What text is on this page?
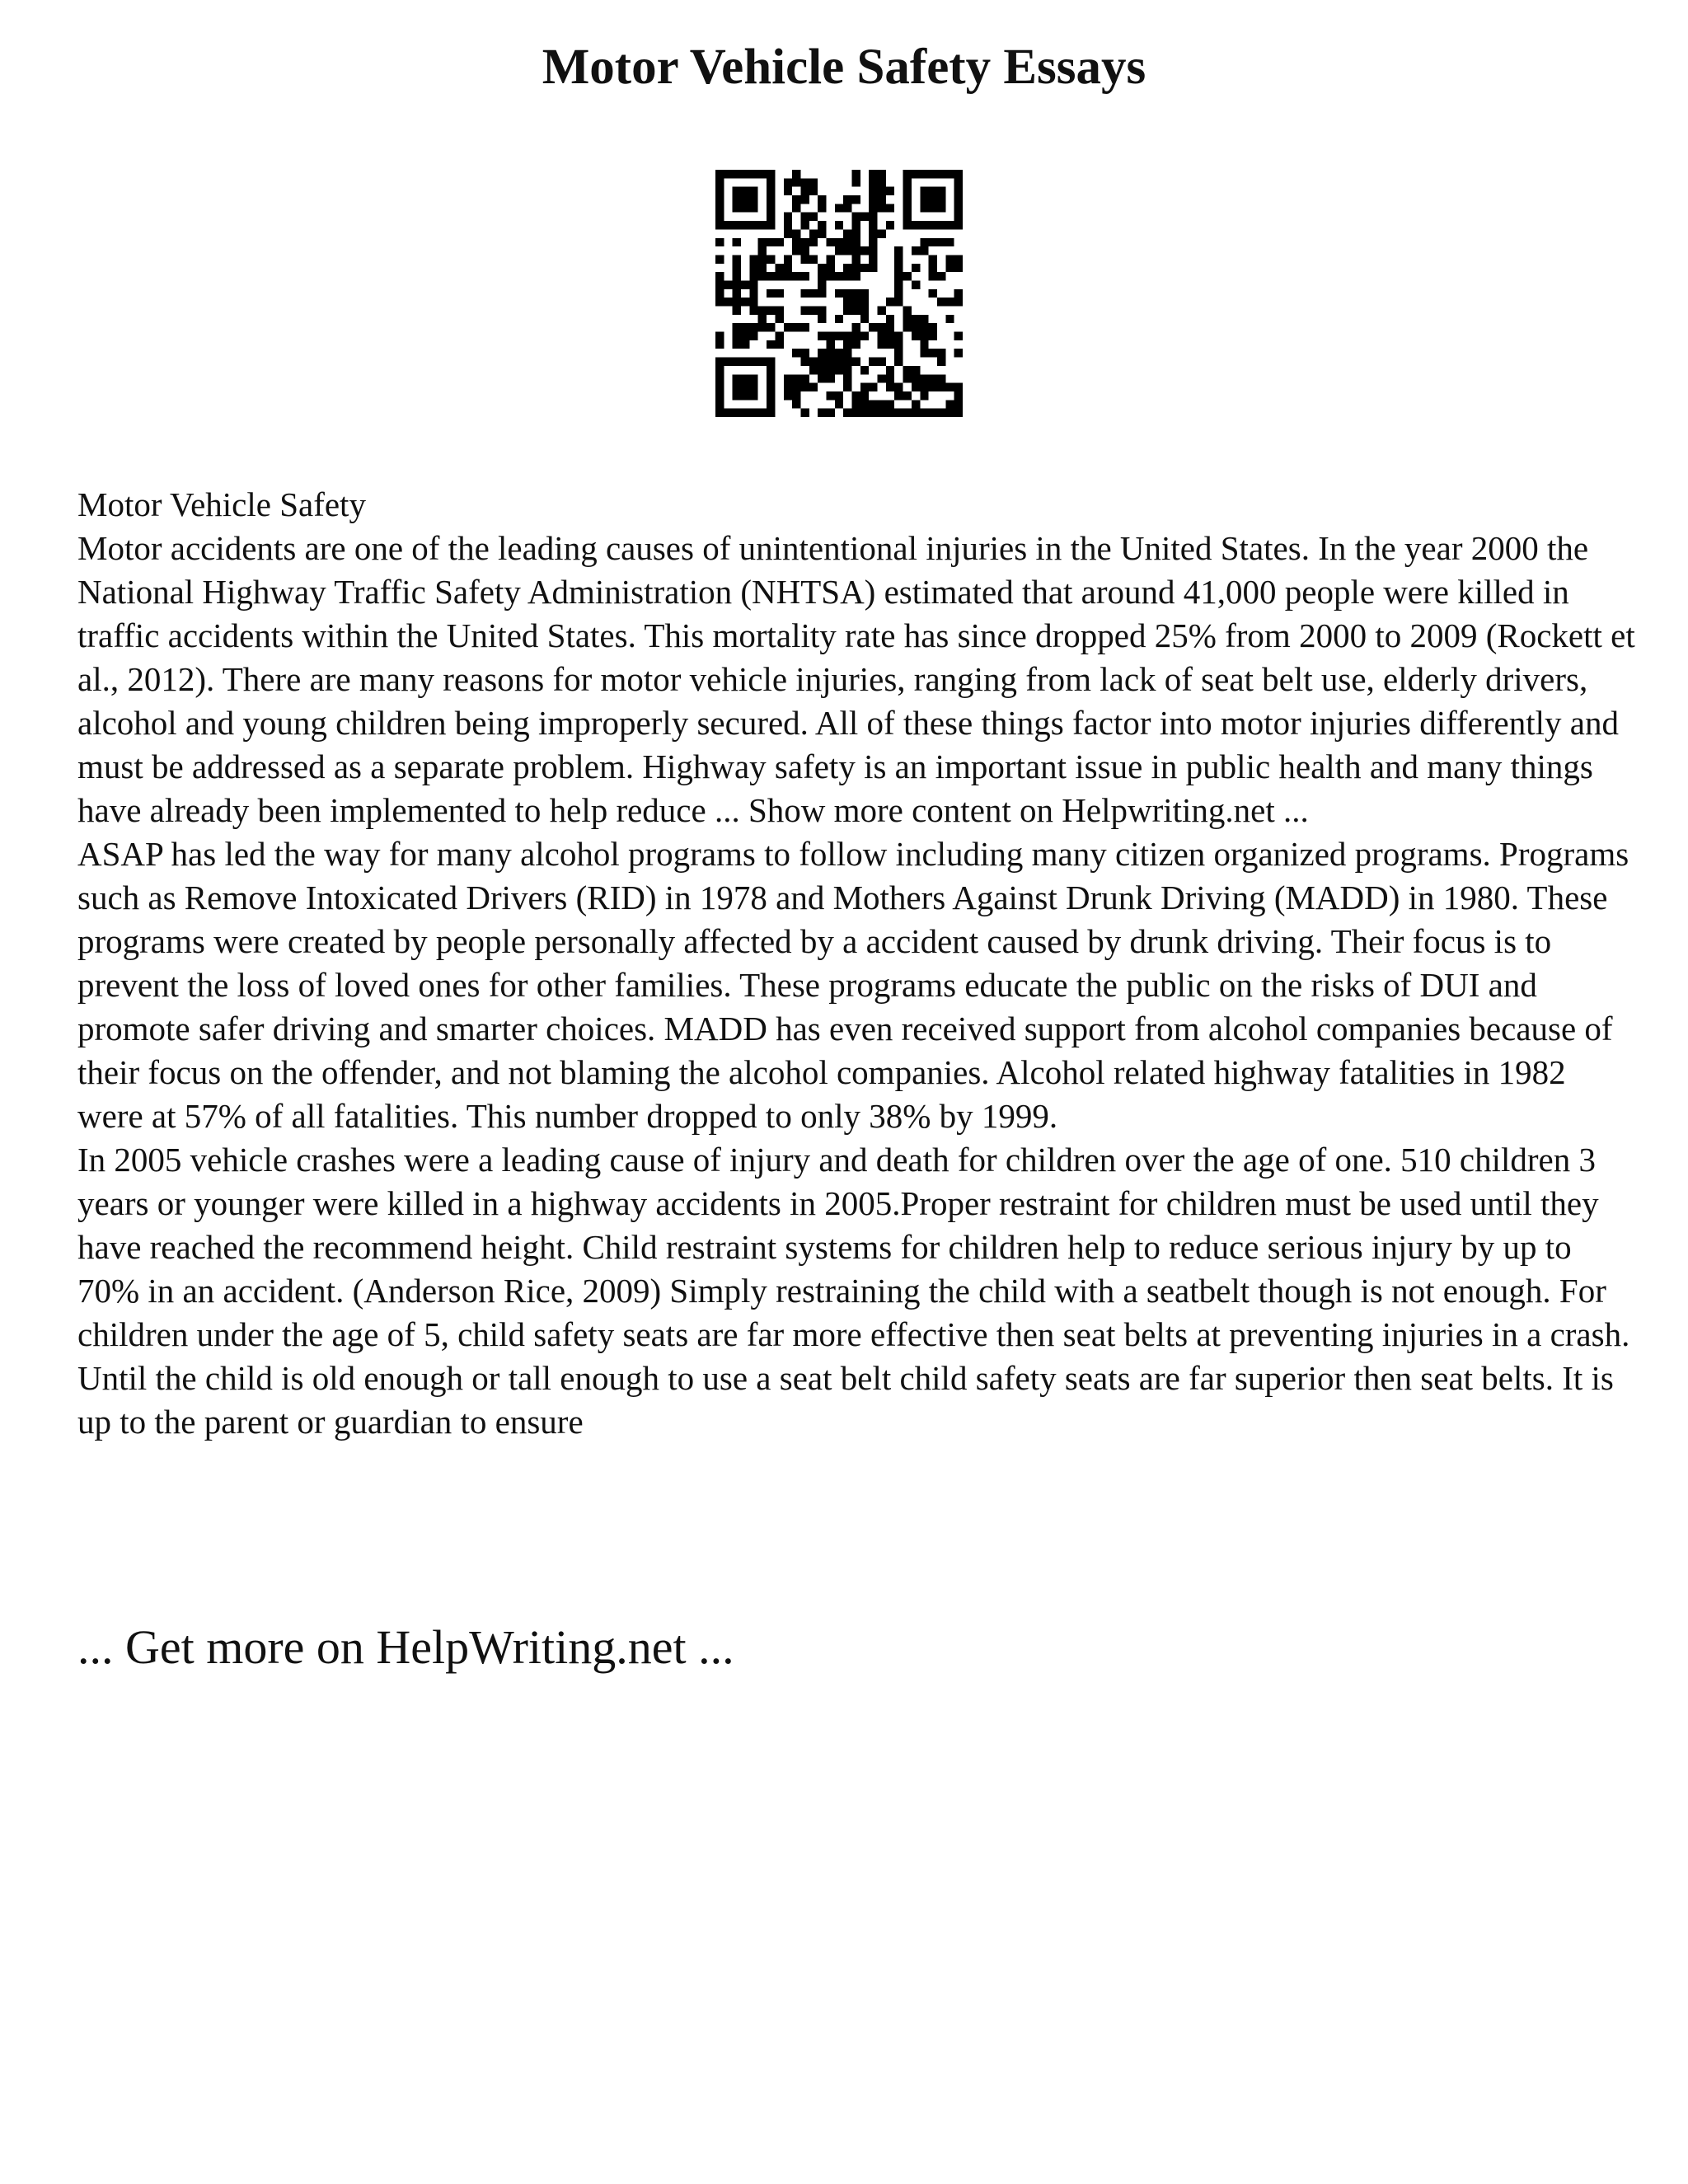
Motor Vehicle Safety Essays

Motor Vehicle Safety

Motor accidents are one of the leading causes of unintentional injuries in the United States. In the year 2000 the National Highway Traffic Safety Administration (NHTSA) estimated that around 41,000 people were killed in traffic accidents within the United States. This mortality rate has since dropped 25% from 2000 to 2009 (Rockett et al., 2012). There are many reasons for motor vehicle injuries, ranging from lack of seat belt use, elderly drivers, alcohol and young children being improperly secured. All of these things factor into motor injuries differently and must be addressed as a separate problem. Highway safety is an important issue in public health and many things have already been implemented to help reduce ... Show more content on Helpwriting.net ...

ASAP has led the way for many alcohol programs to follow including many citizen organized programs. Programs such as Remove Intoxicated Drivers (RID) in 1978 and Mothers Against Drunk Driving (MADD) in 1980. These programs were created by people personally affected by a accident caused by drunk driving. Their focus is to prevent the loss of loved ones for other families. These programs educate the public on the risks of DUI and promote safer driving and smarter choices. MADD has even received support from alcohol companies because of their focus on the offender, and not blaming the alcohol companies. Alcohol related highway fatalities in 1982 were at 57% of all fatalities. This number dropped to only 38% by 1999.

In 2005 vehicle crashes were a leading cause of injury and death for children over the age of one. 510 children 3 years or younger were killed in a highway accidents in 2005.Proper restraint for children must be used until they have reached the recommend height. Child restraint systems for children help to reduce serious injury by up to 70% in an accident. (Anderson Rice, 2009) Simply restraining the child with a seatbelt though is not enough. For children under the age of 5, child safety seats are far more effective then seat belts at preventing injuries in a crash. Until the child is old enough or tall enough to use a seat belt child safety seats are far superior then seat belts. It is up to the parent or guardian to ensure

... Get more on HelpWriting.net ...
